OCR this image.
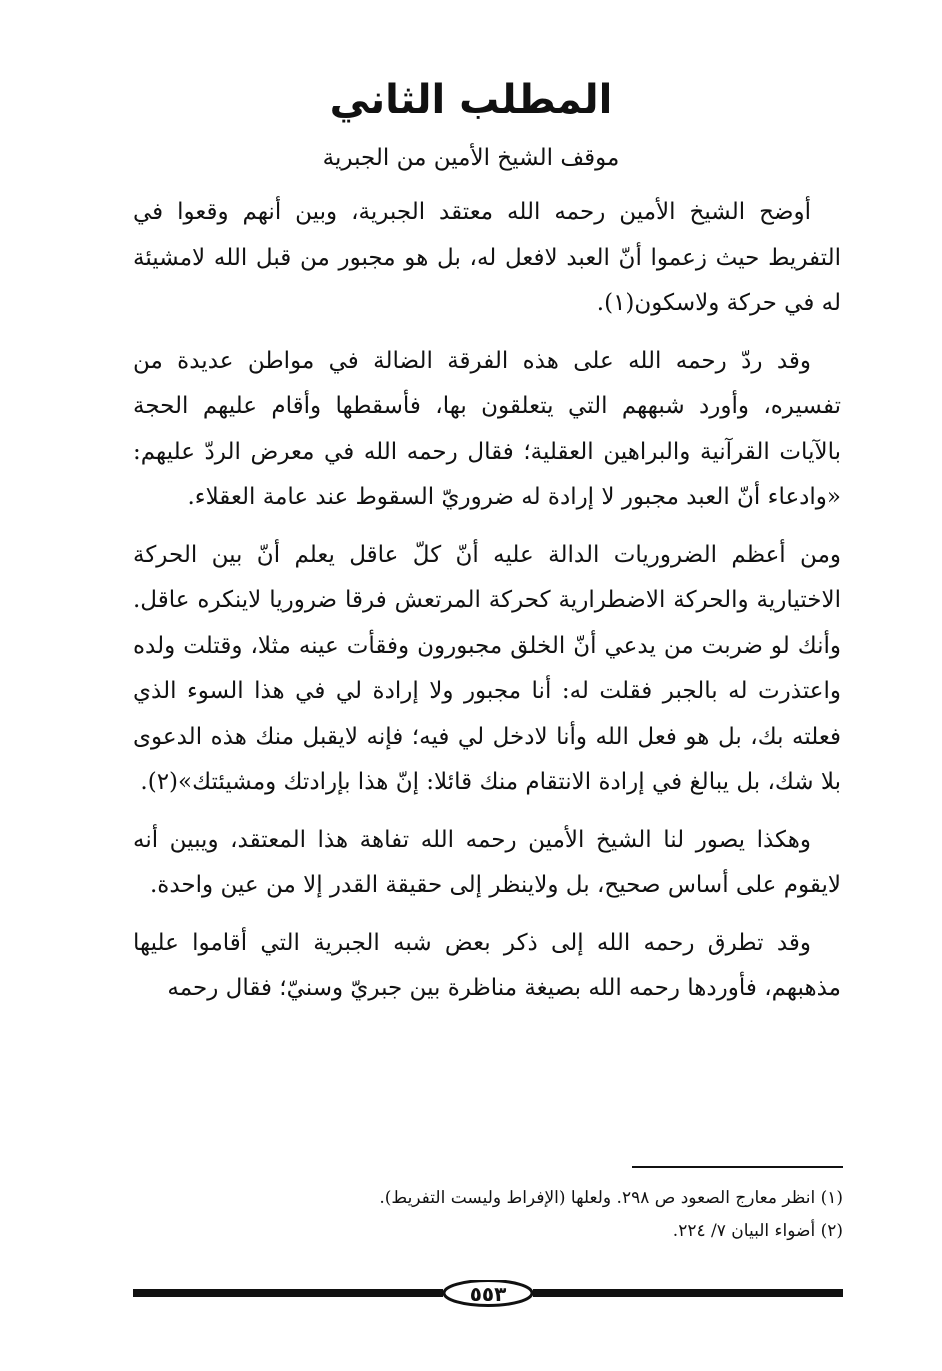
المطلب الثاني
موقف الشيخ الأمين من الجبرية

أوضح الشيخ الأمين رحمه الله معتقد الجبرية، وبين أنهم وقعوا في التفريط حيث زعموا أنّ العبد لافعل له، بل هو مجبور من قبل الله لامشيئة له في حركة ولاسكون(١).

وقد ردّ رحمه الله على هذه الفرقة الضالة في مواطن عديدة من تفسيره، وأورد شبههم التي يتعلقون بها، فأسقطها وأقام عليهم الحجة بالآيات القرآنية والبراهين العقلية؛ فقال رحمه الله في معرض الردّ عليهم: «وادعاء أنّ العبد مجبور لا إرادة له ضروريّ السقوط عند عامة العقلاء.

ومن أعظم الضروريات الدالة عليه أنّ كلّ عاقل يعلم أنّ بين الحركة الاختيارية والحركة الاضطرارية كحركة المرتعش فرقا ضروريا لاينكره عاقل. وأنك لو ضربت من يدعي أنّ الخلق مجبورون وفقأت عينه مثلا، وقتلت ولده واعتذرت له بالجبر فقلت له: أنا مجبور ولا إرادة لي في هذا السوء الذي فعلته بك، بل هو فعل الله وأنا لادخل لي فيه؛ فإنه لايقبل منك هذه الدعوى بلا شك، بل يبالغ في إرادة الانتقام منك قائلا: إنّ هذا بإرادتك ومشيئتك»(٢).

وهكذا يصور لنا الشيخ الأمين رحمه الله تفاهة هذا المعتقد، ويبين أنه لايقوم على أساس صحيح، بل ولاينظر إلى حقيقة القدر إلا من عين واحدة.

وقد تطرق رحمه الله إلى ذكر بعض شبه الجبرية التي أقاموا عليها مذهبهم، فأوردها رحمه الله بصيغة مناظرة بين جبريّ وسنيّ؛ فقال رحمه

(١) انظر معارج الصعود ص ٢٩٨. ولعلها (الإفراط وليست التفريط).
(٢) أضواء البيان ٧/ ٢٢٤.
٥٥٣
